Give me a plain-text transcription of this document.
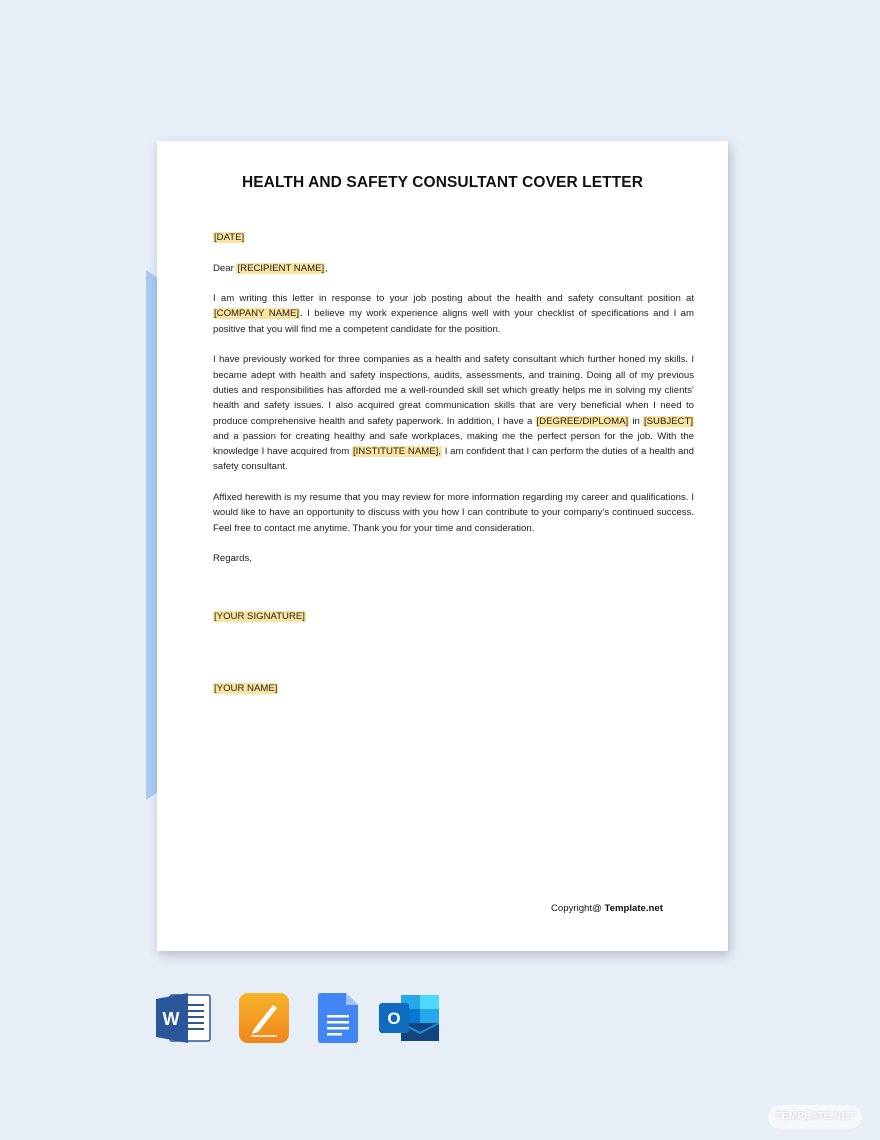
HEALTH AND SAFETY CONSULTANT COVER LETTER

[DATE]

Dear [RECIPIENT NAME],

I am writing this letter in response to your job posting about the health and safety consultant position at [COMPANY NAME]. I believe my work experience aligns well with your checklist of specifications and I am positive that you will find me a competent candidate for the position.

I have previously worked for three companies as a health and safety consultant which further honed my skills. I became adept with health and safety inspections, audits, assessments, and training. Doing all of my previous duties and responsibilities has afforded me a well-rounded skill set which greatly helps me in solving my clients’ health and safety issues. I also acquired great communication skills that are very beneficial when I need to produce comprehensive health and safety paperwork. In addition, I have a [DEGREE/DIPLOMA] in [SUBJECT] and a passion for creating healthy and safe workplaces, making me the perfect person for the job. With the knowledge I have acquired from [INSTITUTE NAME], I am confident that I can perform the duties of a health and safety consultant.

Affixed herewith is my resume that you may review for more information regarding my career and qualifications. I would like to have an opportunity to discuss with you how I can contribute to your company’s continued success. Feel free to contact me anytime. Thank you for your time and consideration.

Regards,

[YOUR SIGNATURE]

[YOUR NAME]

Copyright@ Template.net
W	O
TEMPLATE.NET
